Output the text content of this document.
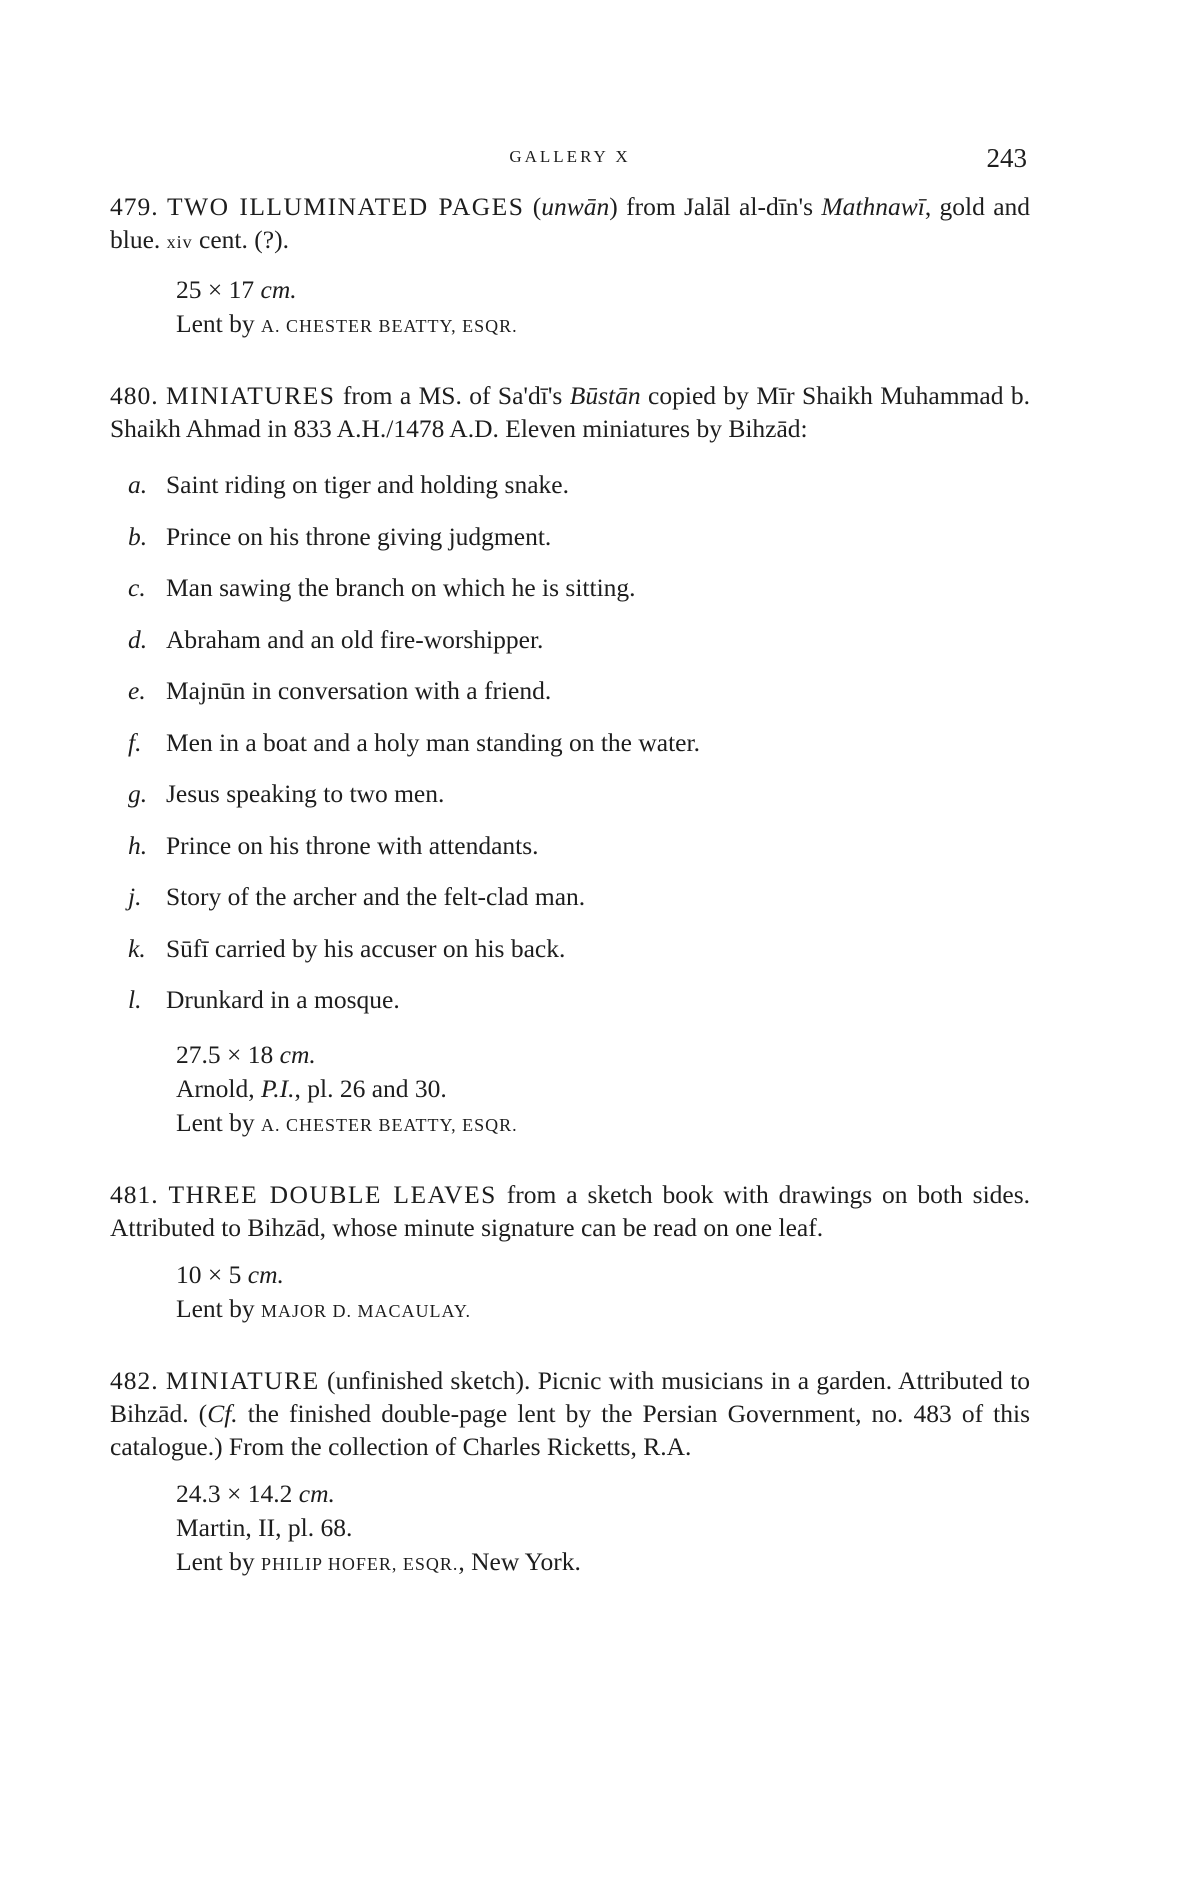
GALLERY X	243

479. TWO ILLUMINATED PAGES (unwān) from Jalāl al-dīn's Mathnawī, gold and blue. xiv cent. (?).

25 × 17 cm.
Lent by A. CHESTER BEATTY, ESQR.

480. MINIATURES from a MS. of Sa'dī's Būstān copied by Mīr Shaikh Muhammad b. Shaikh Ahmad in 833 A.H./1478 A.D. Eleven miniatures by Bihzād:

a. Saint riding on tiger and holding snake.
b. Prince on his throne giving judgment.
c. Man sawing the branch on which he is sitting.
d. Abraham and an old fire-worshipper.
e. Majnūn in conversation with a friend.
f. Men in a boat and a holy man standing on the water.
g. Jesus speaking to two men.
h. Prince on his throne with attendants.
j. Story of the archer and the felt-clad man.
k. Sūfī carried by his accuser on his back.
l. Drunkard in a mosque.
27.5 × 18 cm.
Arnold, P.I., pl. 26 and 30.
Lent by A. CHESTER BEATTY, ESQR.

481. THREE DOUBLE LEAVES from a sketch book with drawings on both sides. Attributed to Bihzād, whose minute signature can be read on one leaf.

10 × 5 cm.
Lent by MAJOR D. MACAULAY.

482. MINIATURE (unfinished sketch). Picnic with musicians in a garden. Attributed to Bihzād. (Cf. the finished double-page lent by the Persian Government, no. 483 of this catalogue.) From the collection of Charles Ricketts, R.A.

24.3 × 14.2 cm.
Martin, II, pl. 68.
Lent by PHILIP HOFER, ESQR., New York.
